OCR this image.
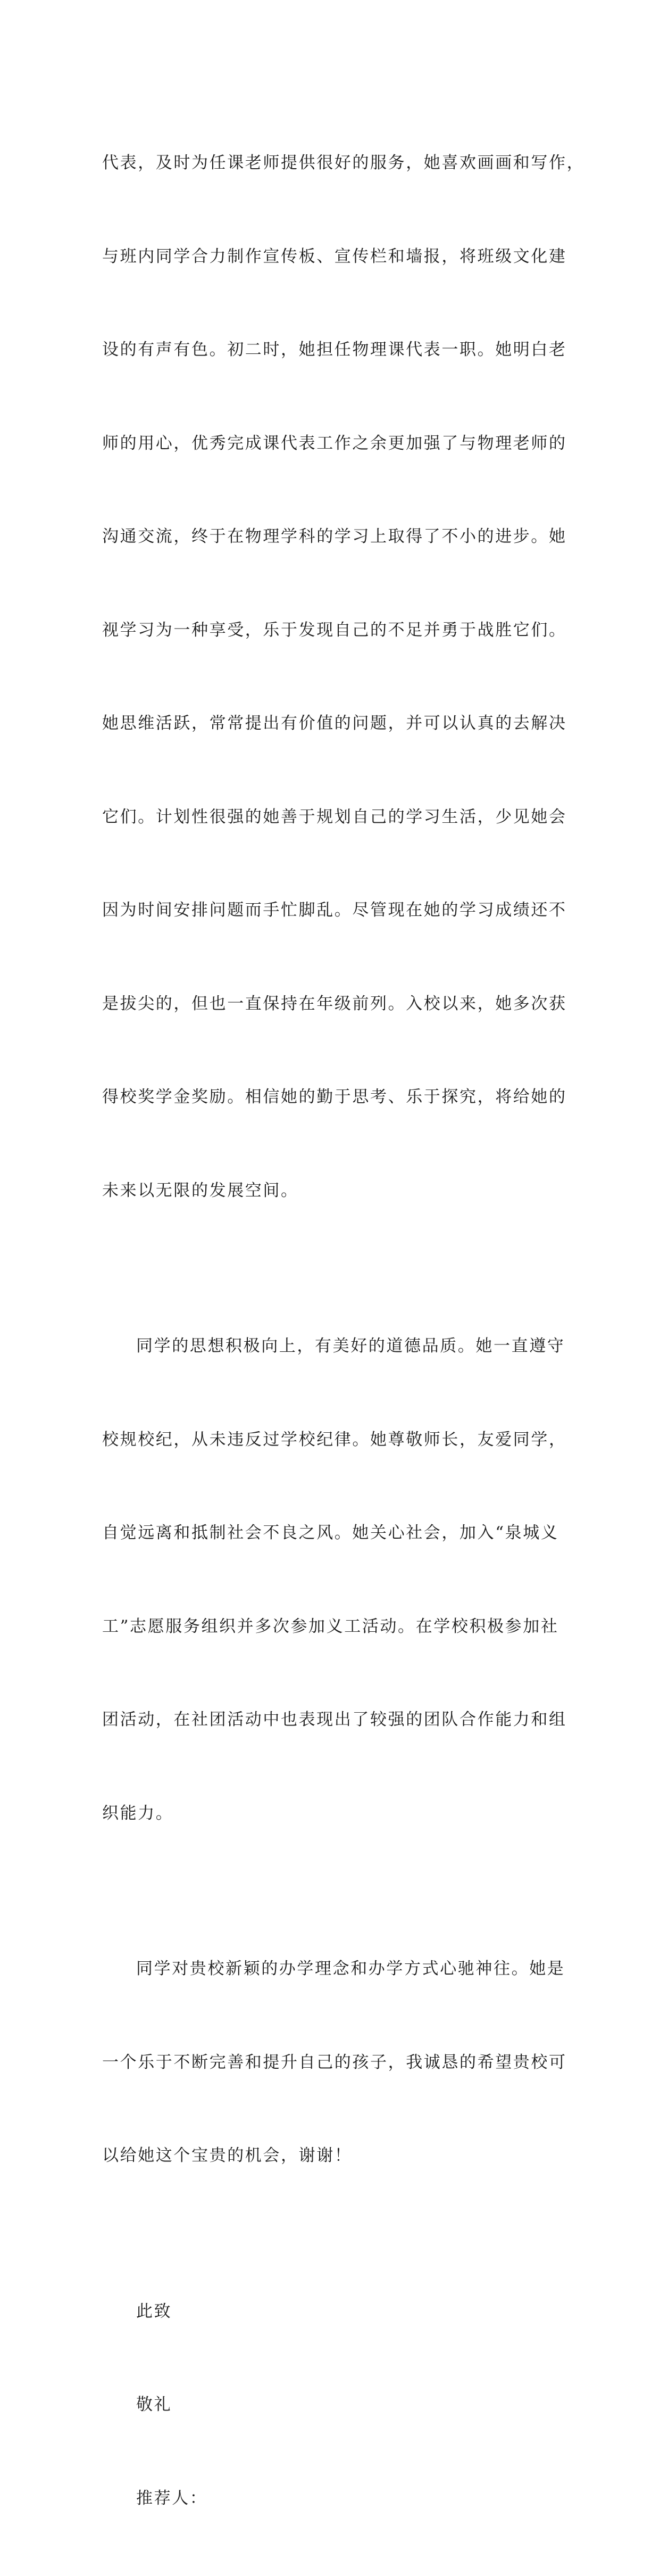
代表，及时为任课老师提供很好的服务，她喜欢画画和写作，

与班内同学合力制作宣传板、宣传栏和墙报，将班级文化建

设的有声有色。初二时，她担任物理课代表一职。她明白老

师的用心，优秀完成课代表工作之余更加强了与物理老师的

沟通交流，终于在物理学科的学习上取得了不小的进步。她

视学习为一种享受，乐于发现自己的不足并勇于战胜它们。

她思维活跃，常常提出有价值的问题，并可以认真的去解决

它们。计划性很强的她善于规划自己的学习生活，少见她会

因为时间安排问题而手忙脚乱。尽管现在她的学习成绩还不

是拔尖的，但也一直保持在年级前列。入校以来，她多次获

得校奖学金奖励。相信她的勤于思考、乐于探究，将给她的

未来以无限的发展空间。

同学的思想积极向上，有美好的道德品质。她一直遵守

校规校纪，从未违反过学校纪律。她尊敬师长，友爱同学，

自觉远离和抵制社会不良之风。她关心社会，加入“泉城义

工”志愿服务组织并多次参加义工活动。在学校积极参加社

团活动，在社团活动中也表现出了较强的团队合作能力和组

织能力。

同学对贵校新颖的办学理念和办学方式心驰神往。她是

一个乐于不断完善和提升自己的孩子，我诚恳的希望贵校可

以给她这个宝贵的机会，谢谢！

此致

敬礼

推荐人：
